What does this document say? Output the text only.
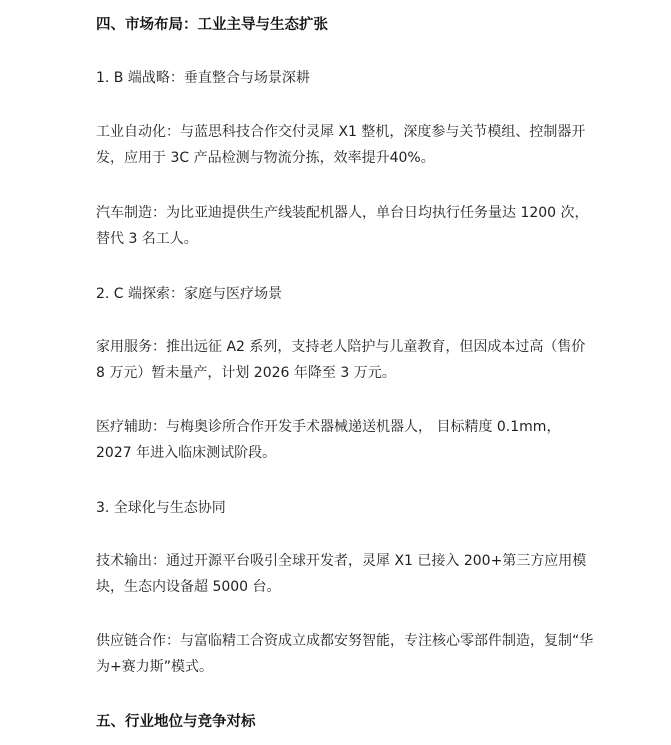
四、市场布局：工业主导与生态扩张

1. B 端战略：垂直整合与场景深耕

工业自动化：与蓝思科技合作交付灵犀 X1 整机，深度参与关节模组、控制器开发，应用于 3C 产品检测与物流分拣，效率提升40%。

汽车制造：为比亚迪提供生产线装配机器人，单台日均执行任务量达 1200 次，替代 3 名工人。

2. C 端探索：家庭与医疗场景

家用服务：推出远征 A2 系列，支持老人陪护与儿童教育，但因成本过高（售价 8 万元）暂未量产，计划 2026 年降至 3 万元。

医疗辅助：与梅奥诊所合作开发手术器械递送机器人， 目标精度 0.1mm，2027 年进入临床测试阶段。

3. 全球化与生态协同

技术输出：通过开源平台吸引全球开发者，灵犀 X1 已接入 200+第三方应用模块，生态内设备超 5000 台。

供应链合作：与富临精工合资成立成都安努智能，专注核心零部件制造，复制“华为+赛力斯”模式。

五、行业地位与竞争对标
